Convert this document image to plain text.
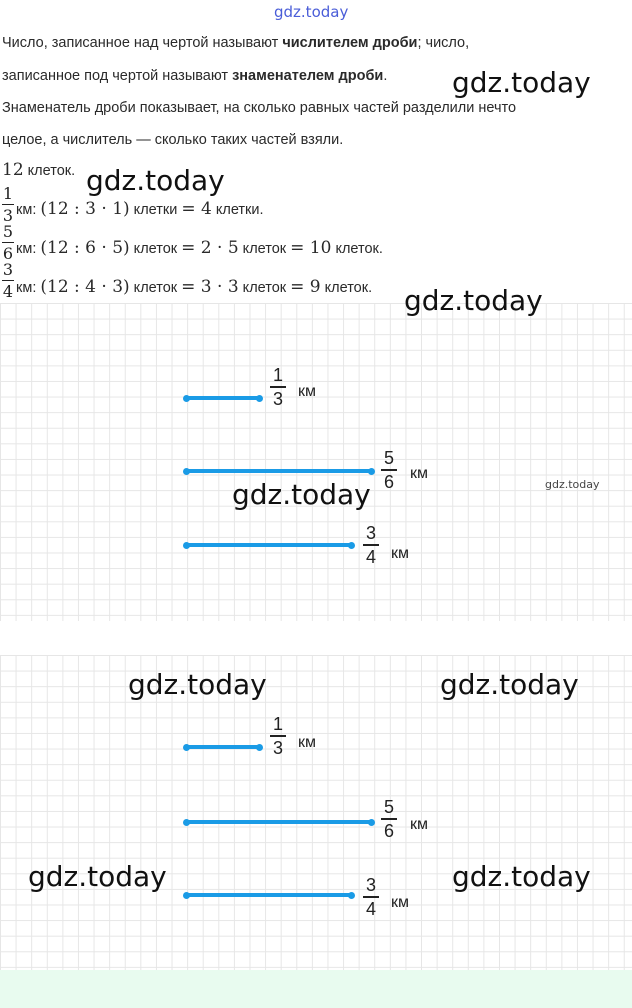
gdz.today
Число, записанное над чертой называют числителем дроби; число,
записанное под чертой называют знаменателем дроби.
Знаменатель дроби показывает, на сколько равных частей разделили нечто
целое, а числитель — сколько таких частей взяли.
gdz.today
12 клеток. gdz.today
1
3 км: (12 : 3 · 1) клетки = 4 клетки.
5
6 км: (12 : 6 · 5) клеток = 2 · 5 клеток = 10 клеток.
3
4 км: (12 : 4 · 3) клеток = 3 · 3 клеток = 9 клеток. gdz.today
1
3 км
5
6	км
gdz.today	gdz.today
3
4 км
gdz.today	gdz.today
1
3 км
5
6	км
gdz.today	gdz.today
3
4 км
